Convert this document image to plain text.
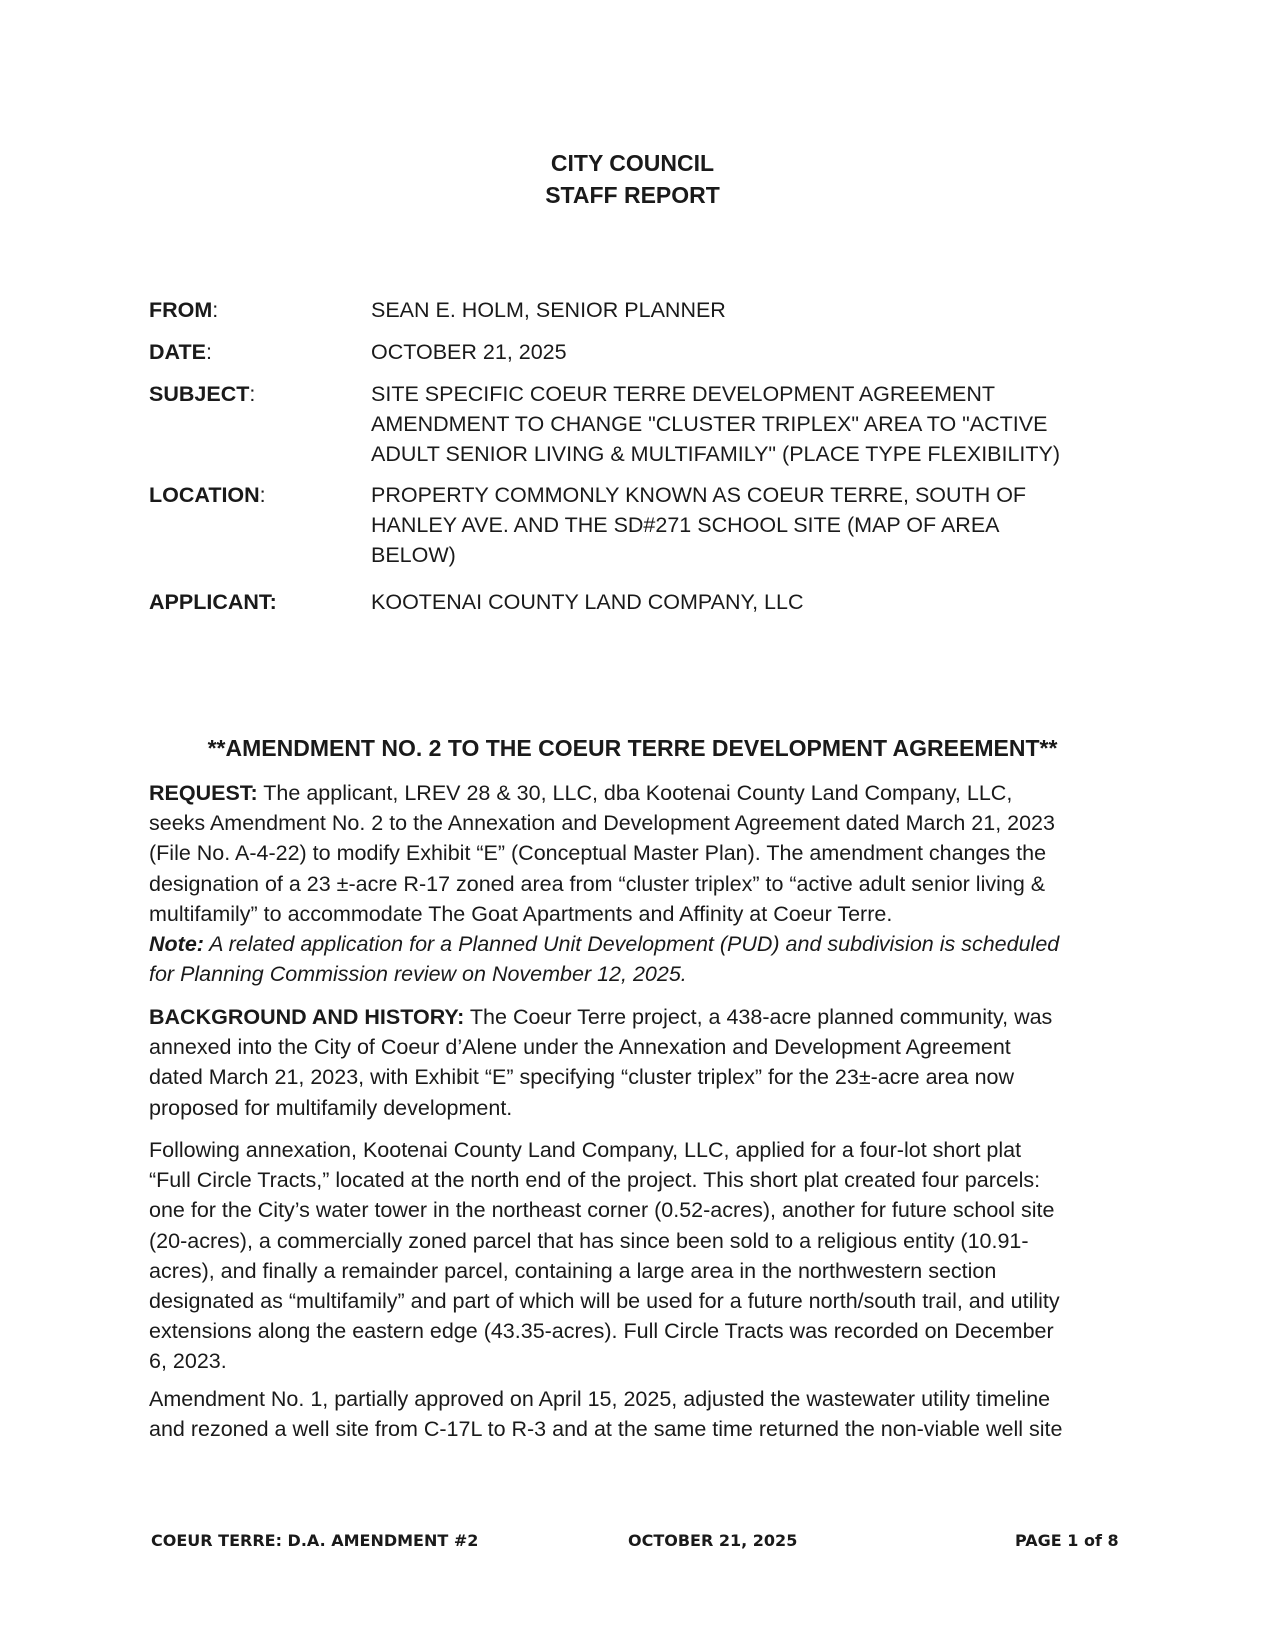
CITY COUNCIL
STAFF REPORT
FROM:	SEAN E. HOLM, SENIOR PLANNER
DATE:	OCTOBER 21, 2025
SUBJECT:	SITE SPECIFIC COEUR TERRE DEVELOPMENT AGREEMENT
AMENDMENT TO CHANGE "CLUSTER TRIPLEX" AREA TO "ACTIVE
ADULT SENIOR LIVING & MULTIFAMILY" (PLACE TYPE FLEXIBILITY)
LOCATION:	PROPERTY COMMONLY KNOWN AS COEUR TERRE, SOUTH OF
HANLEY AVE. AND THE SD#271 SCHOOL SITE (MAP OF AREA
BELOW)
APPLICANT:	KOOTENAI COUNTY LAND COMPANY, LLC
**AMENDMENT NO. 2 TO THE COEUR TERRE DEVELOPMENT AGREEMENT**
REQUEST: The applicant, LREV 28 & 30, LLC, dba Kootenai County Land Company, LLC,
seeks Amendment No. 2 to the Annexation and Development Agreement dated March 21, 2023
(File No. A-4-22) to modify Exhibit “E” (Conceptual Master Plan). The amendment changes the
designation of a 23 ±-acre R-17 zoned area from “cluster triplex” to “active adult senior living &
multifamily” to accommodate The Goat Apartments and Affinity at Coeur Terre.
Note: A related application for a Planned Unit Development (PUD) and subdivision is scheduled
for Planning Commission review on November 12, 2025.
BACKGROUND AND HISTORY: The Coeur Terre project, a 438-acre planned community, was
annexed into the City of Coeur d’Alene under the Annexation and Development Agreement
dated March 21, 2023, with Exhibit “E” specifying “cluster triplex” for the 23±-acre area now
proposed for multifamily development.
Following annexation, Kootenai County Land Company, LLC, applied for a four-lot short plat
“Full Circle Tracts,” located at the north end of the project. This short plat created four parcels:
one for the City’s water tower in the northeast corner (0.52-acres), another for future school site
(20-acres), a commercially zoned parcel that has since been sold to a religious entity (10.91-
acres), and finally a remainder parcel, containing a large area in the northwestern section
designated as “multifamily” and part of which will be used for a future north/south trail, and utility
extensions along the eastern edge (43.35-acres). Full Circle Tracts was recorded on December
6, 2023.
Amendment No. 1, partially approved on April 15, 2025, adjusted the wastewater utility timeline
and rezoned a well site from C-17L to R-3 and at the same time returned the non-viable well site
COEUR TERRE: D.A. AMENDMENT #2	OCTOBER 21, 2025	PAGE 1 of 8
